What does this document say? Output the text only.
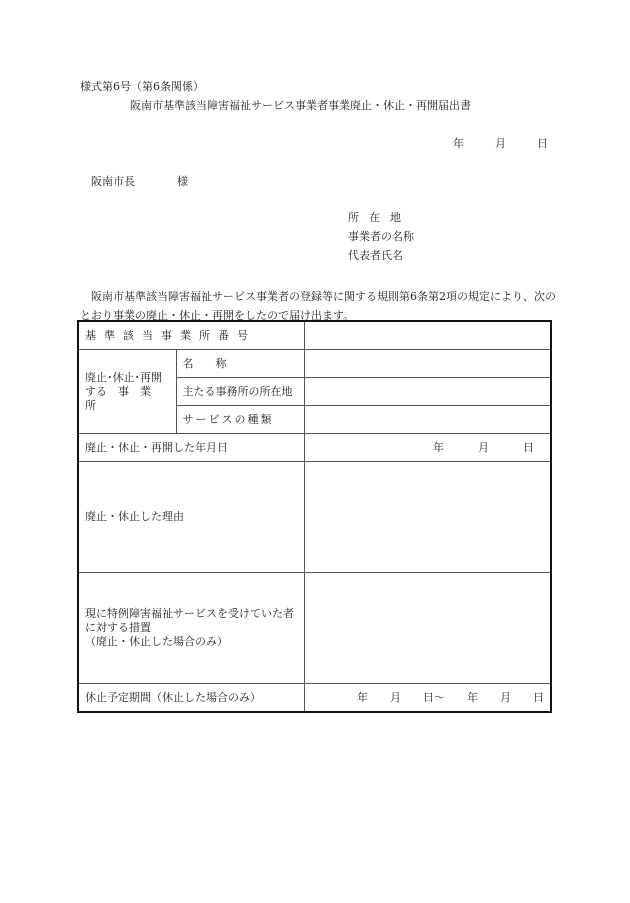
様式第6号（第6条関係）
阪南市基準該当障害福祉サービス事業者事業廃止・休止・再開届出書
年	月	日
阪南市長	様
所在地
事業者の名称
代表者氏名
阪南市基準該当障害福祉サービス事業者の登録等に関する規則第6条第2項の規定により、次のとおり事業の廃止・休止・再開をしたので届け出ます。
基準該当事業所番号		
廃止･休止･再開する　事　業　所	名　　称	
	主たる事務所の所在地	
	サービスの種類	
廃止・休止・再開した年月日		年 月 日
廃止・休止した理由		

現に特例障害福祉サービスを受けていた者に対する措置
（廃止・休止した場合のみ）		

休止予定期間（休止した場合のみ）		年 月 日～ 年 月 日
